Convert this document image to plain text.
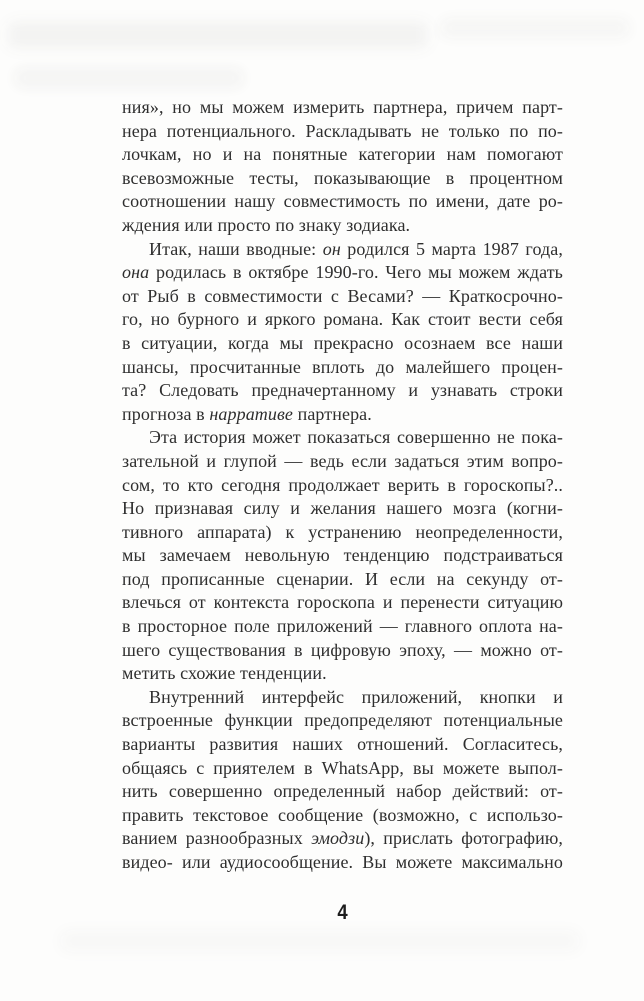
ния», но мы можем измерить партнера, причем парт-
нера потенциального. Раскладывать не только по по-
лочкам, но и на понятные категории нам помогают
всевозможные тесты, показывающие в процентном
соотношении нашу совместимость по имени, дате ро-
ждения или просто по знаку зодиака.
Итак, наши вводные: он родился 5 марта 1987 года,
она родилась в октябре 1990-го. Чего мы можем ждать
от Рыб в совместимости с Весами? — Краткосрочно-
го, но бурного и яркого романа. Как стоит вести себя
в ситуации, когда мы прекрасно осознаем все наши
шансы, просчитанные вплоть до малейшего процен-
та? Следовать предначертанному и узнавать строки
прогноза в нарративе партнера.
Эта история может показаться совершенно не пока-
зательной и глупой — ведь если задаться этим вопро-
сом, то кто сегодня продолжает верить в гороскопы?..
Но признавая силу и желания нашего мозга (когни-
тивного аппарата) к устранению неопределенности,
мы замечаем невольную тенденцию подстраиваться
под прописанные сценарии. И если на секунду от-
влечься от контекста гороскопа и перенести ситуацию
в просторное поле приложений — главного оплота на-
шего существования в цифровую эпоху, — можно от-
метить схожие тенденции.
Внутренний интерфейс приложений, кнопки и
встроенные функции предопределяют потенциальные
варианты развития наших отношений. Согласитесь,
общаясь с приятелем в WhatsApp, вы можете выпол-
нить совершенно определенный набор действий: от-
править текстовое сообщение (возможно, с использо-
ванием разнообразных эмодзи), прислать фотографию,
видео- или аудиосообщение. Вы можете максимально
4
